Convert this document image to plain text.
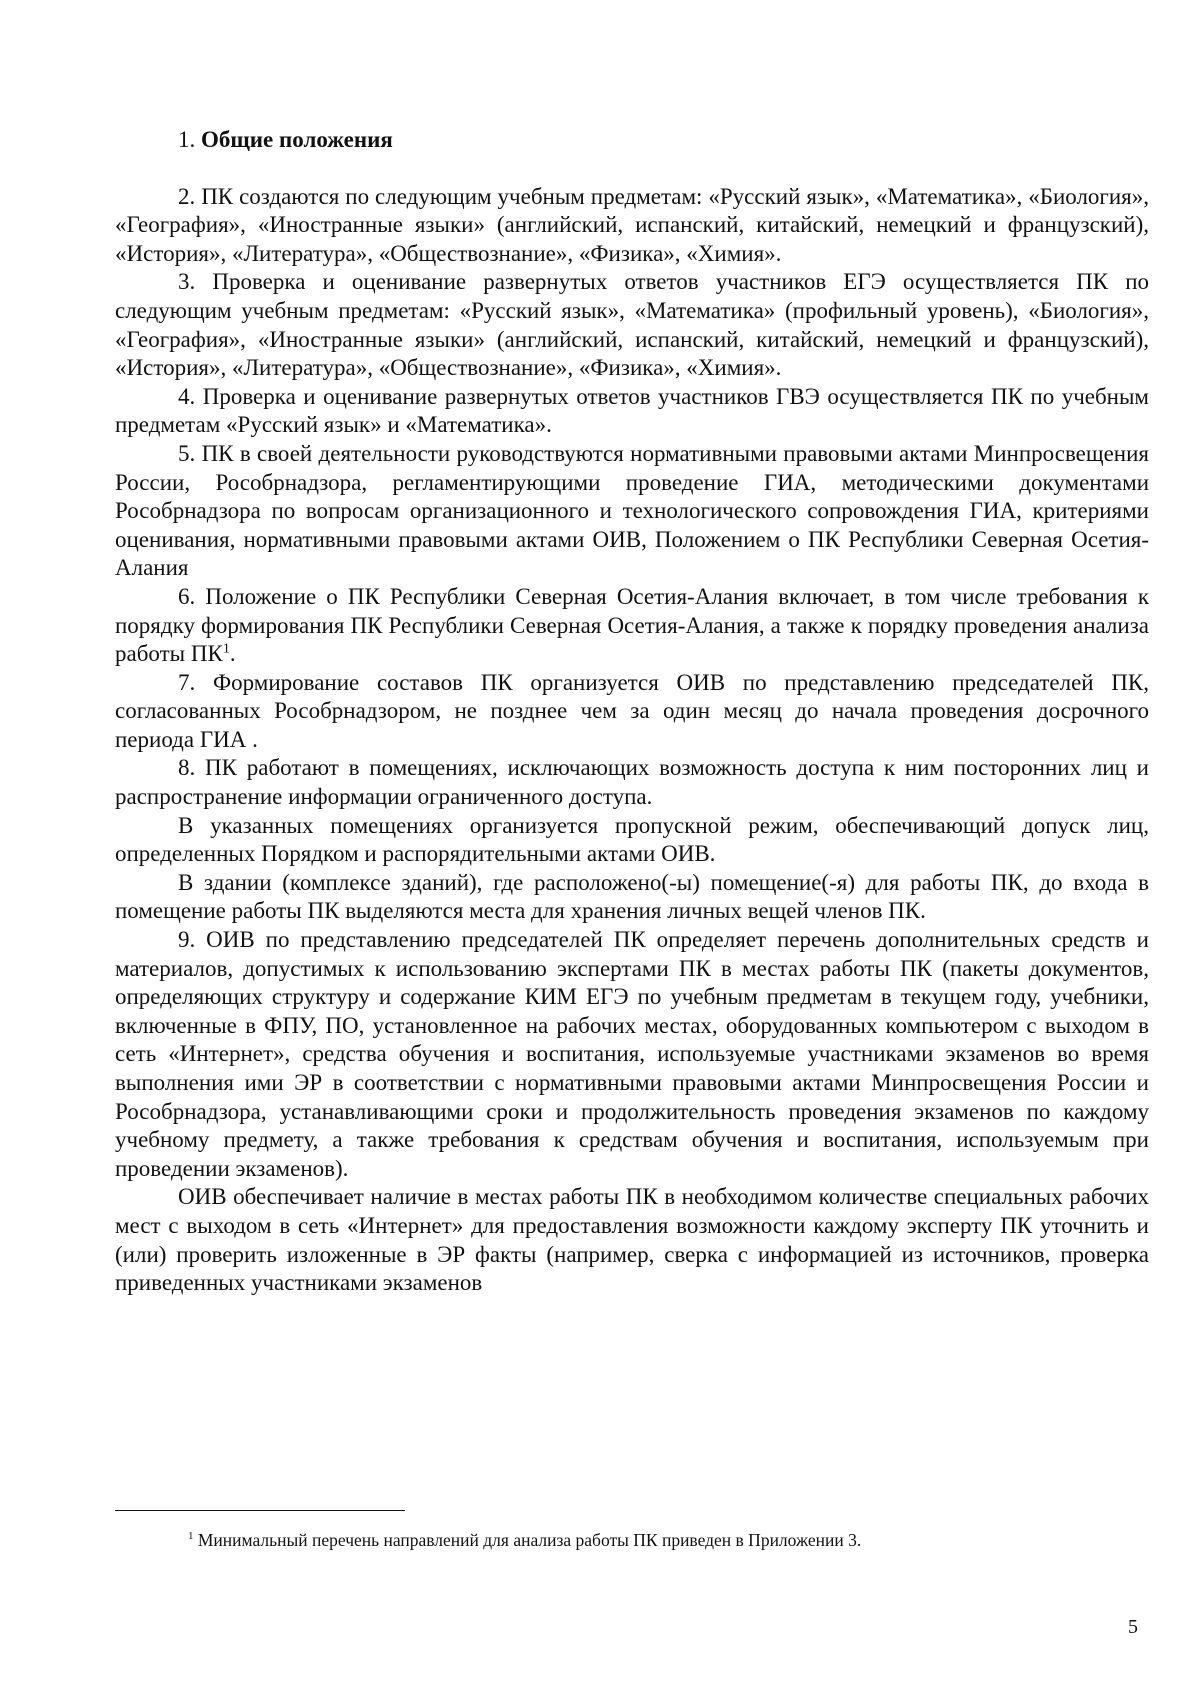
1. Общие положения

2. ПК создаются по следующим учебным предметам: «Русский язык», «Математика», «Биология», «География», «Иностранные языки» (английский, испанский, китайский, немецкий и французский), «История», «Литература», «Обществознание», «Физика», «Химия».

3. Проверка и оценивание развернутых ответов участников ЕГЭ осуществляется ПК по следующим учебным предметам: «Русский язык», «Математика» (профильный уровень), «Биология», «География», «Иностранные языки» (английский, испанский, китайский, немецкий и французский), «История», «Литература», «Обществознание», «Физика», «Химия».

4. Проверка и оценивание развернутых ответов участников ГВЭ осуществляется ПК по учебным предметам «Русский язык» и «Математика».

5. ПК в своей деятельности руководствуются нормативными правовыми актами Минпросвещения России, Рособрнадзора, регламентирующими проведение ГИА, методическими документами Рособрнадзора по вопросам организационного и технологического сопровождения ГИА, критериями оценивания, нормативными правовыми актами ОИВ, Положением о ПК Республики Северная Осетия-Алания

6. Положение о ПК Республики Северная Осетия-Алания включает, в том числе требования к порядку формирования ПК Республики Северная Осетия-Алания, а также к порядку проведения анализа работы $ПК^1$.

7. Формирование составов ПК организуется ОИВ по представлению председателей ПК, согласованных Рособрнадзором, не позднее чем за один месяц до начала проведения досрочного периода ГИА .

8. ПК работают в помещениях, исключающих возможность доступа к ним посторонних лиц и распространение информации ограниченного доступа.

В указанных помещениях организуется пропускной режим, обеспечивающий допуск лиц, определенных Порядком и распорядительными актами ОИВ.

В здании (комплексе зданий), где расположено(-ы) помещение(-я) для работы ПК, до входа в помещение работы ПК выделяются места для хранения личных вещей членов ПК.

9. ОИВ по представлению председателей ПК определяет перечень дополнительных средств и материалов, допустимых к использованию экспертами ПК в местах работы ПК (пакеты документов, определяющих структуру и содержание КИМ ЕГЭ по учебным предметам в текущем году, учебники, включенные в ФПУ, ПО, установленное на рабочих местах, оборудованных компьютером с выходом в сеть «Интернет», средства обучения и воспитания, используемые участниками экзаменов во время выполнения ими ЭР в соответствии с нормативными правовыми актами Минпросвещения России и Рособрнадзора, устанавливающими сроки и продолжительность проведения экзаменов по каждому учебному предмету, а также требования к средствам обучения и воспитания, используемым при проведении экзаменов).

ОИВ обеспечивает наличие в местах работы ПК в необходимом количестве специальных рабочих мест с выходом в сеть «Интернет» для предоставления возможности каждому эксперту ПК уточнить и (или) проверить изложенные в ЭР факты (например, сверка с информацией из источников, проверка приведенных участниками экзаменов

$^1$ Минимальный перечень направлений для анализа работы ПК приведен в Приложении 3.
5
